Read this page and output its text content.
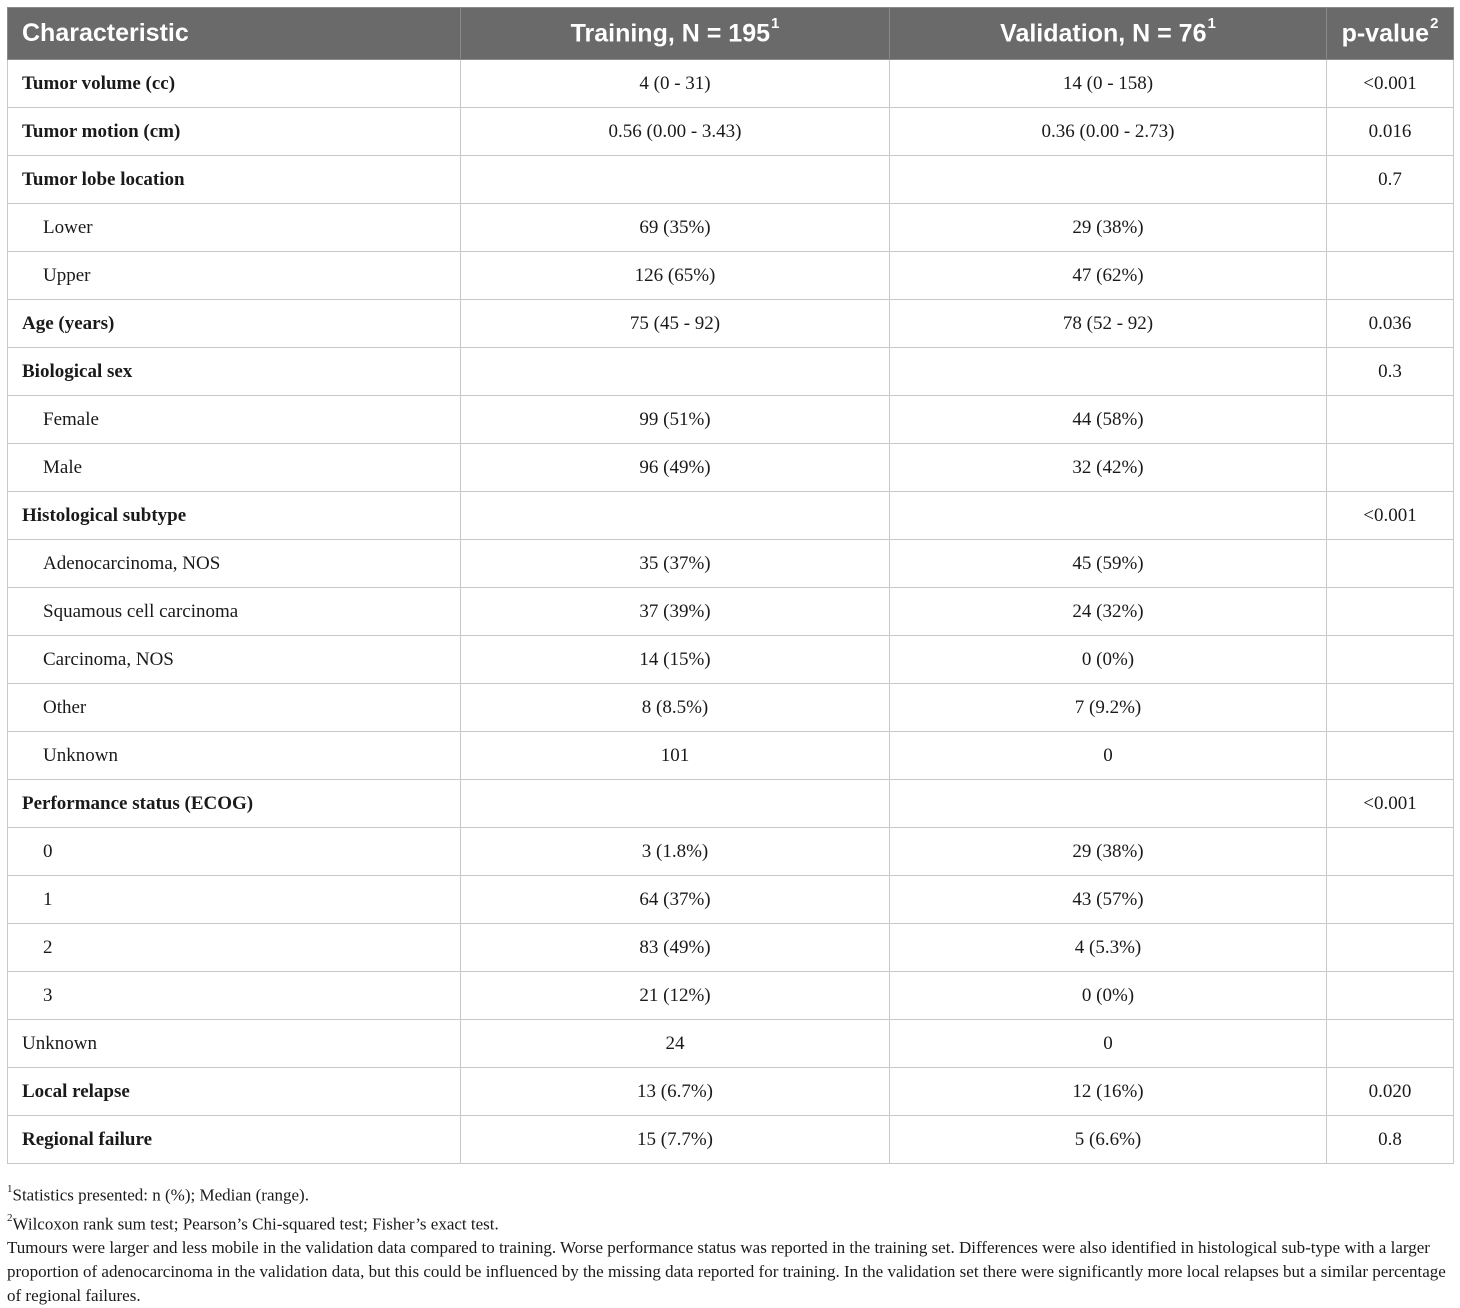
Characteristic	Training, $N = 195^1$	Validation, $N = 76^1$	p-value$^2$
Tumor volume (cc)	4 (0 - 31)	14 (0 - 158)	<0.001
Tumor motion (cm)	0.56 (0.00 - 3.43)	0.36 (0.00 - 2.73)	0.016
Tumor lobe location			0.7
Lower	69 (35%)	29 (38%)	
Upper	126 (65%)	47 (62%)	
Age (years)	75 (45 - 92)	78 (52 - 92)	0.036
Biological sex			0.3
Female	99 (51%)	44 (58%)	
Male	96 (49%)	32 (42%)	
Histological subtype			<0.001
Adenocarcinoma, NOS	35 (37%)	45 (59%)	
Squamous cell carcinoma	37 (39%)	24 (32%)	
Carcinoma, NOS	14 (15%)	0 (0%)	
Other	8 (8.5%)	7 (9.2%)	
Unknown	101	0	
Performance status (ECOG)			<0.001
0	3 (1.8%)	29 (38%)	
1	64 (37%)	43 (57%)	
2	83 (49%)	4 (5.3%)	
3	21 (12%)	0 (0%)	
Unknown	24	0	
Local relapse	13 (6.7%)	12 (16%)	0.020
Regional failure	15 (7.7%)	5 (6.6%)	0.8

$^1$Statistics presented: n (%); Median (range).

$^2$Wilcoxon rank sum test; Pearson’s Chi-squared test; Fisher’s exact test.

Tumours were larger and less mobile in the validation data compared to training. Worse performance status was reported in the training set. Differences were also identified in histological sub-type with a larger proportion of adenocarcinoma in the validation data, but this could be influenced by the missing data reported for training. In the validation set there were significantly more local relapses but a similar percentage of regional failures.
